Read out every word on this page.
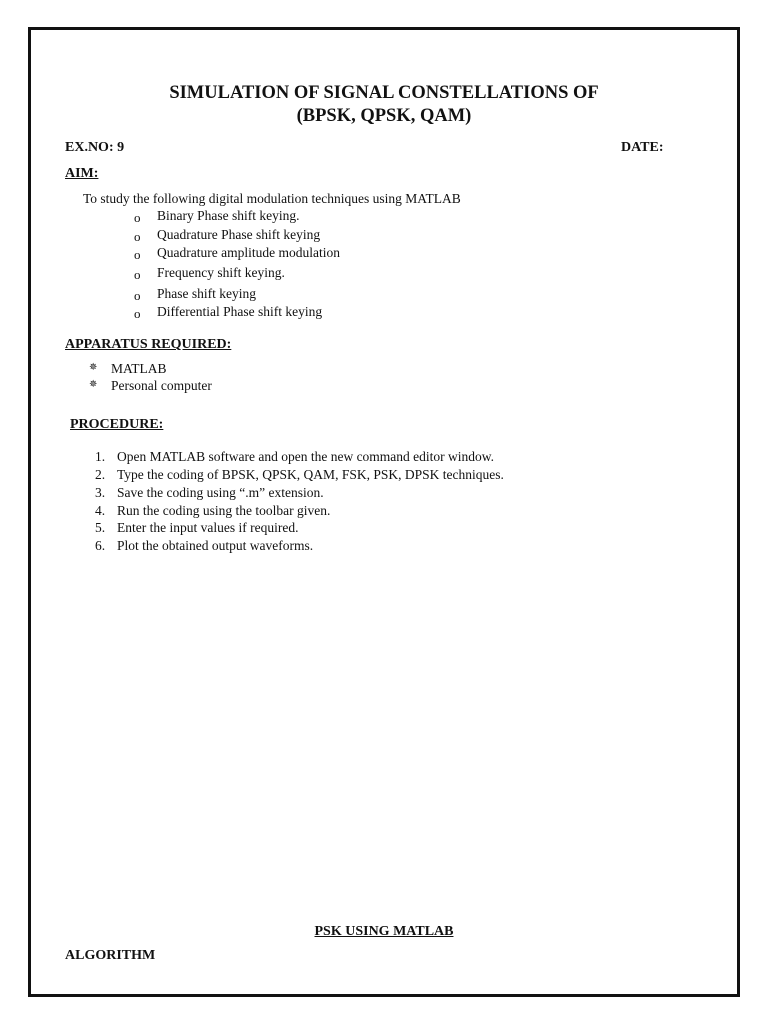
SIMULATION OF SIGNAL CONSTELLATIONS OF
(BPSK, QPSK, QAM)
EX.NO: 9	DATE:
AIM:
To study the following digital modulation techniques using MATLAB
o Binary Phase shift keying.
o Quadrature Phase shift keying
o Quadrature amplitude modulation
o Frequency shift keying.
o Phase shift keying
o Differential Phase shift keying
APPARATUS REQUIRED:
✵ MATLAB
✵ Personal computer
PROCEDURE:
1. Open MATLAB software and open the new command editor window.
2. Type the coding of BPSK, QPSK, QAM, FSK, PSK, DPSK techniques.
3. Save the coding using “.m” extension.
4. Run the coding using the toolbar given.
5. Enter the input values if required.
6. Plot the obtained output waveforms.
PSK USING MATLAB
ALGORITHM
